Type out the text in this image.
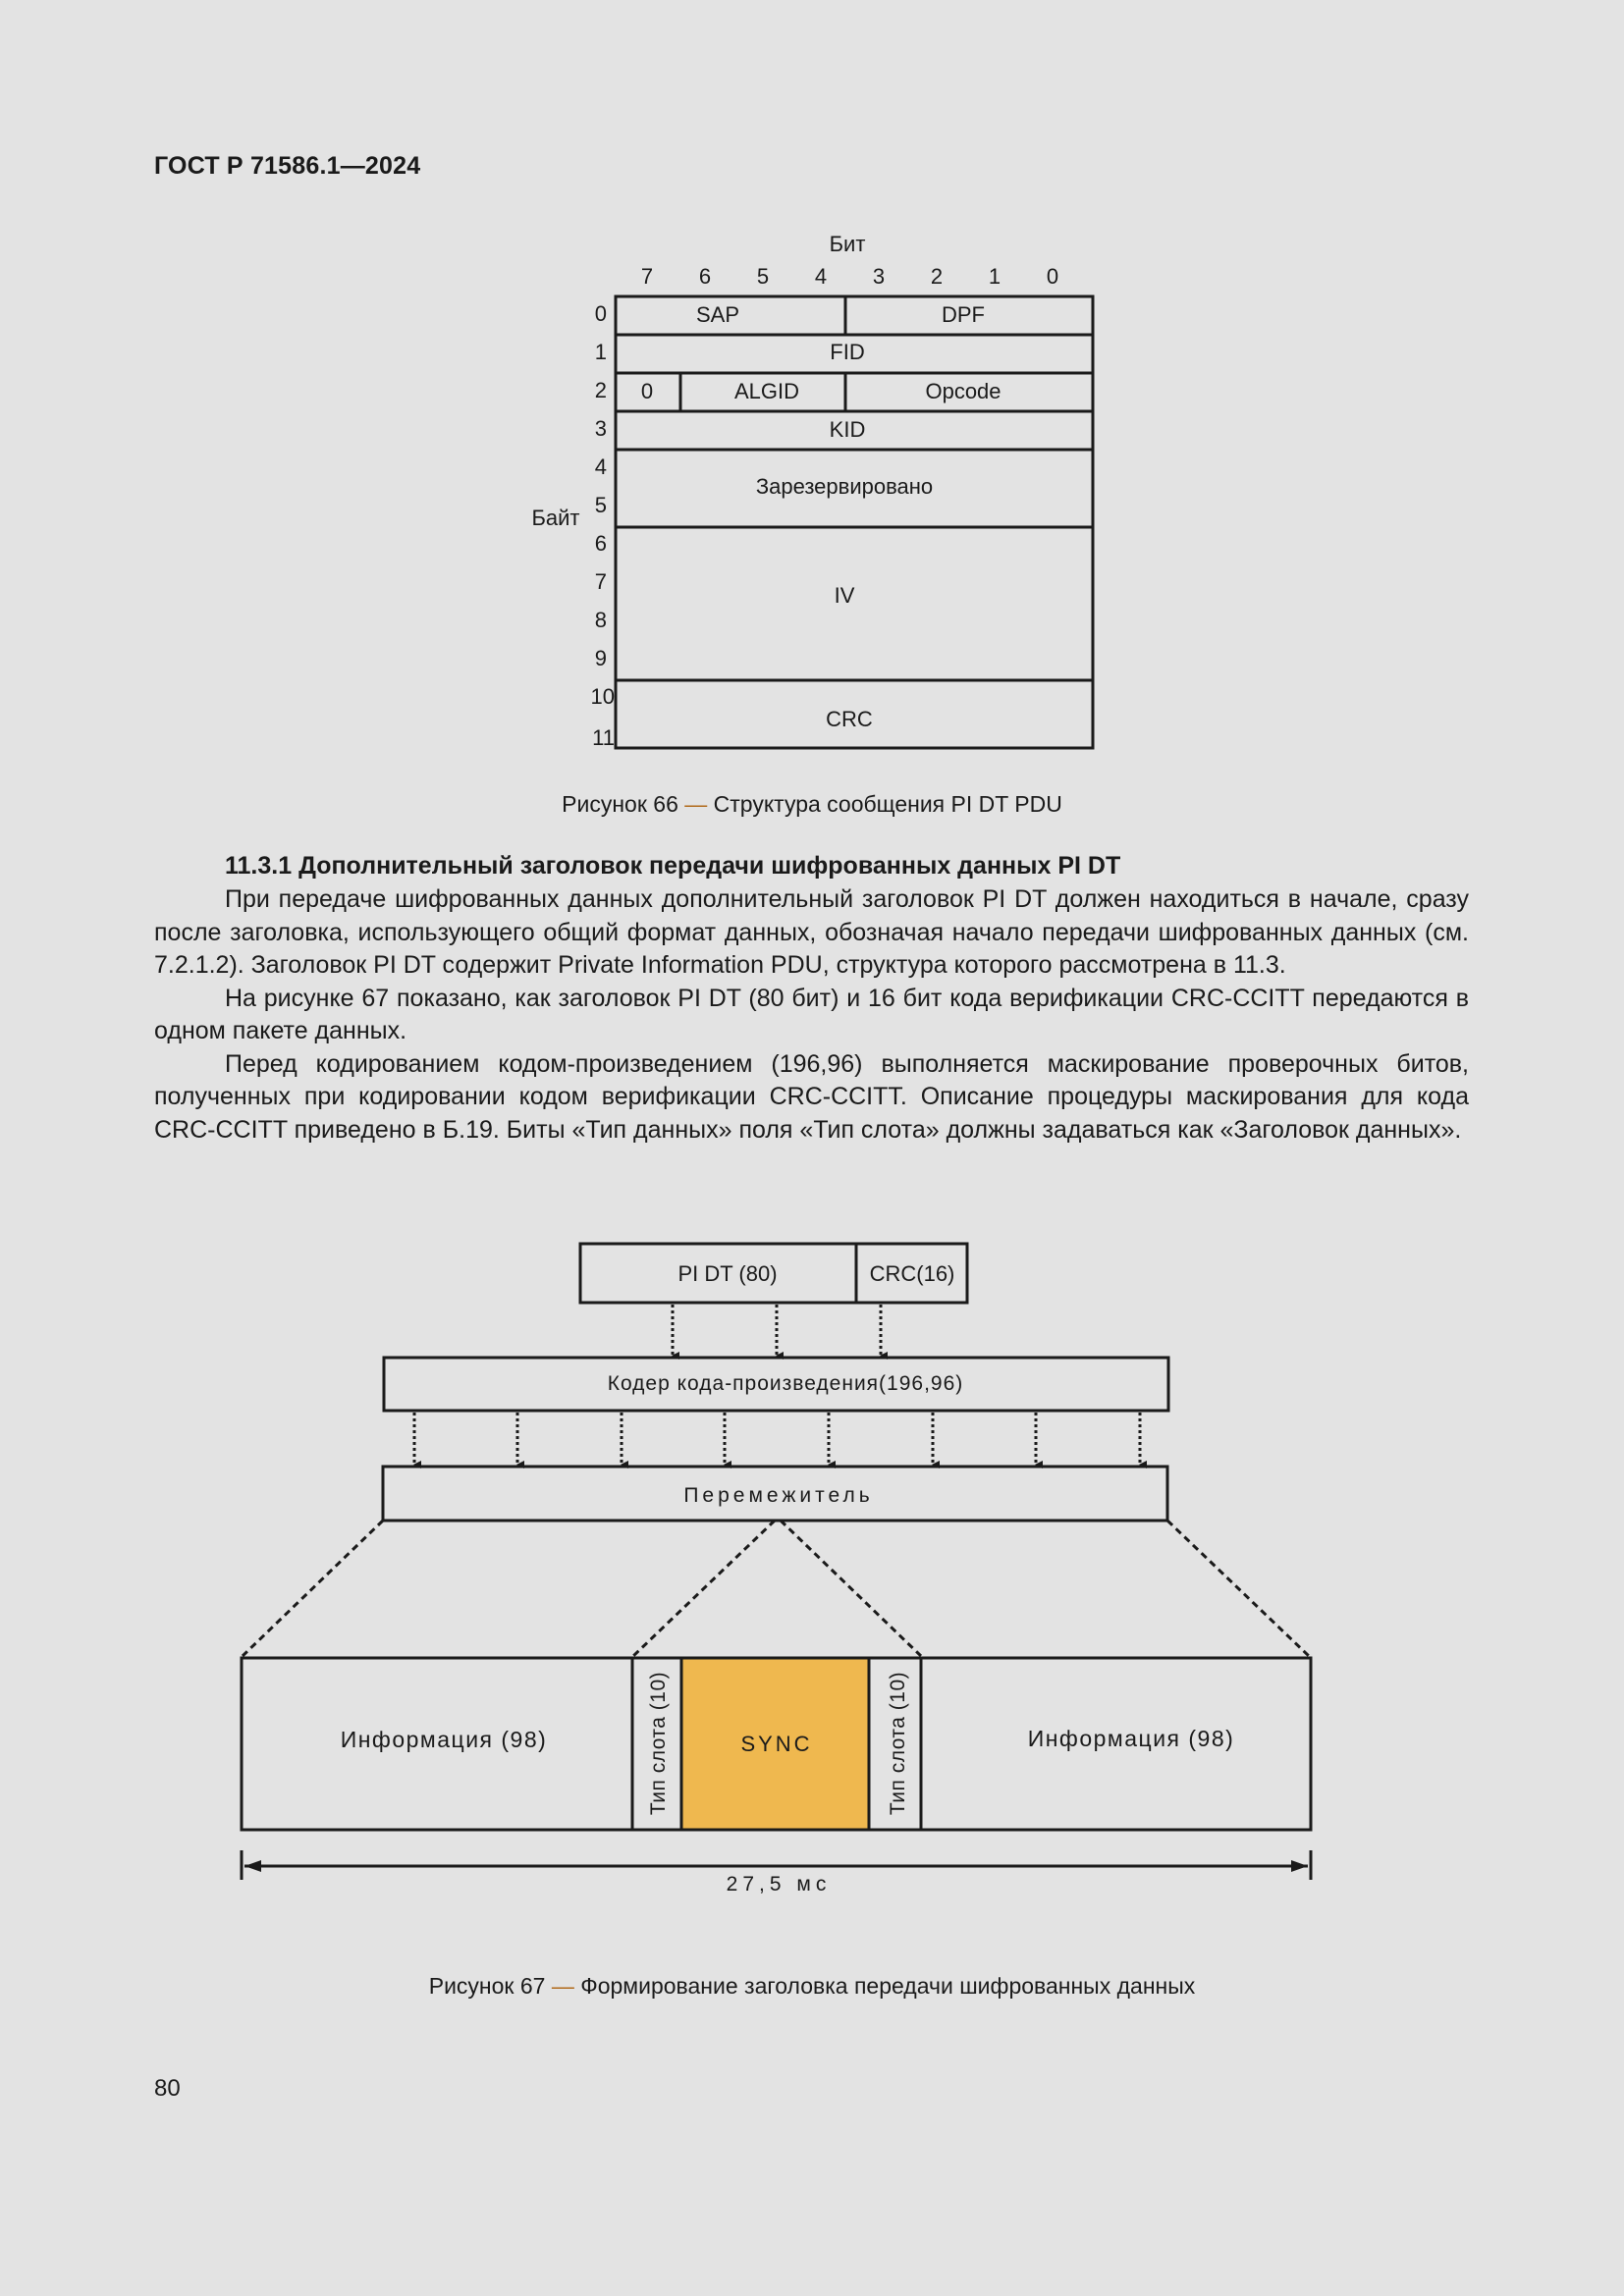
ГОСТ Р 71586.1—2024
Бит
7 6 5 4 3 2 1 0
Байт
0
1
2
3
4
5
6
7
8
9
10
11
SAP	DPF
FID
0	ALGID	Opcode
KID
Зарезервировано
IV
CRC
Рисунок 66 — Структура сообщения PI DT PDU
11.3.1 Дополнительный заголовок передачи шифрованных данных PI DT

При передаче шифрованных данных дополнительный заголовок PI DT должен находиться в начале, сразу после заголовка, использующего общий формат данных, обозначая начало передачи шифрованных данных (см. 7.2.1.2). Заголовок PI DT содержит Private Information PDU, структура которого рассмотрена в 11.3.

На рисунке 67 показано, как заголовок PI DT (80 бит) и 16 бит кода верификации CRC-CCITT передаются в одном пакете данных.

Перед кодированием кодом-произведением (196,96) выполняется маскирование проверочных битов, полученных при кодировании кодом верификации CRC-CCITT. Описание процедуры маскирования для кода CRC-CCITT приведено в Б.19. Биты «Тип данных» поля «Тип слота» должны задаваться как «Заголовок данных».

PI DT (80)	CRC(16)
Кодер кода-произведения(196,96)
Перемежитель
Информация (98)	Тип слота (10)	SYNC	Тип слота (10)	Информация (98)
27,5 мс
Рисунок 67 — Формирование заголовка передачи шифрованных данных
80
